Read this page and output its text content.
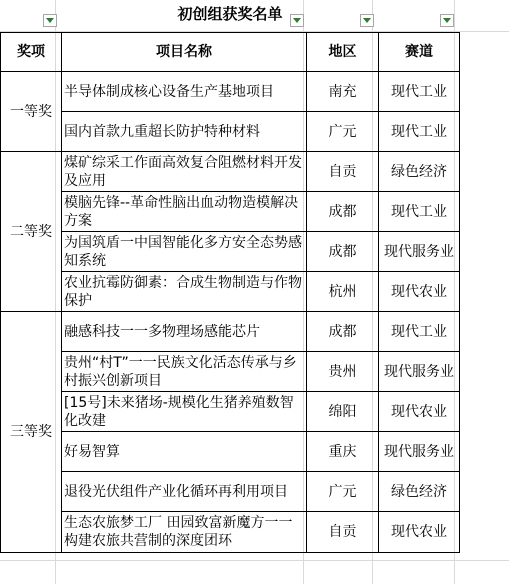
初创组获奖名单
奖项	项目名称	地区	赛道
一等奖	半导体制成核心设备生产基地项目	南充	现代工业
	国内首款九重超长防护特种材料	广元	现代工业
二等奖	煤矿综采工作面高效复合阻燃材料开发及应用	自贡	绿色经济
	模脑先锋--革命性脑出血动物造模解决方案	成都	现代工业
	为国筑盾一中国智能化多方安全态势感知系统	成都	现代服务业
	农业抗霉防御素：合成生物制造与作物保护	杭州	现代农业
三等奖	融感科技一一多物理场感能芯片	成都	现代工业
	贵州“村T”一一民族文化活态传承与乡村振兴创新项目	贵州	现代服务业
	[15号]未来猪场-规模化生猪养殖数智化改建	绵阳	现代农业
	好易智算	重庆	现代服务业
	退役光伏组件产业化循环再利用项目	广元	绿色经济
	生态农旅梦工厂 田园致富新魔方一一构建农旅共营制的深度团环	自贡	现代农业
